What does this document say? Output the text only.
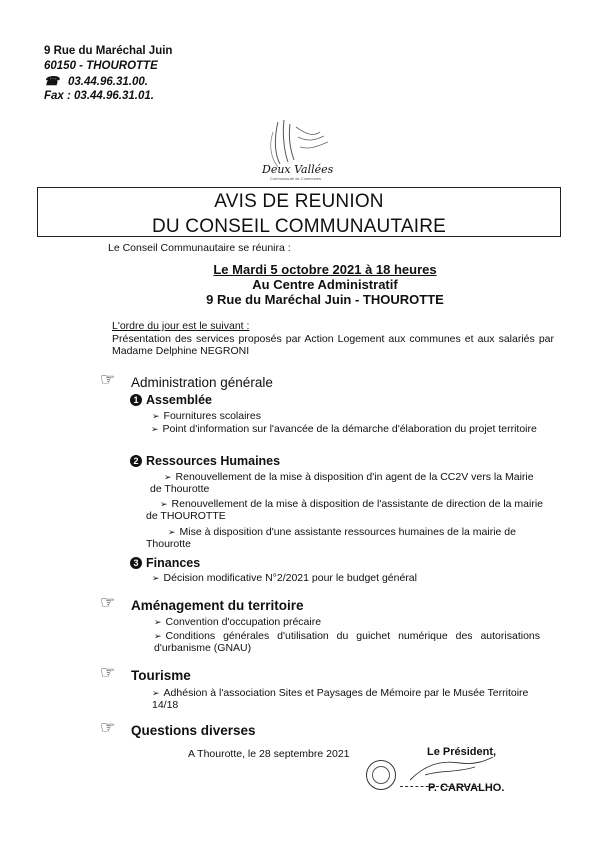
9 Rue du Maréchal Juin
60150 - THOUROTTE
☎ 03.44.96.31.00.
Fax : 03.44.96.31.01.
Deux Vallées
Communauté de Communes
AVIS DE REUNION
DU CONSEIL COMMUNAUTAIRE
Le Conseil Communautaire se réunira :
Le Mardi 5 octobre 2021 à 18 heures
Au Centre Administratif
9 Rue du Maréchal Juin - THOUROTTE
L'ordre du jour est le suivant :
Présentation des services proposés par Action Logement aux communes et aux salariés par Madame Delphine NEGRONI
☞ Administration générale
1 Assemblée
➢ Fournitures scolaires
➢ Point d'information sur l'avancée de la démarche d'élaboration du projet territoire
2 Ressources Humaines
➢ Renouvellement de la mise à disposition d'in agent de la CC2V vers la Mairie de Thourotte
➢ Renouvellement de la mise à disposition de l'assistante de direction de la mairie de THOUROTTE
➢ Mise à disposition d'une assistante ressources humaines de la mairie de Thourotte
3 Finances
➢ Décision modificative N°2/2021 pour le budget général
☞ Aménagement du territoire
➢ Convention d'occupation précaire
➢ Conditions générales d'utilisation du guichet numérique des autorisations d'urbanisme (GNAU)
☞ Tourisme
➢ Adhésion à l'association Sites et Paysages de Mémoire par le Musée Territoire 14/18
☞ Questions diverses
A Thourotte, le 28 septembre 2021	Le Président,
P. CARVALHO.
